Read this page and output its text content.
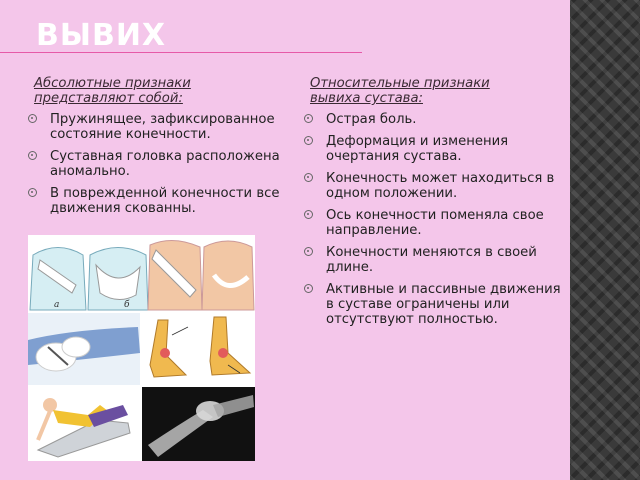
ВЫВИХ
Абсолютные признаки
представляют собой:
Пружинящее, зафиксированное состояние конечности.
Суставная головка расположена аномально.
В поврежденной конечности все движения скованны.
Относительные признаки
вывиха сустава:
Острая боль.
Деформация и изменения очертания сустава.
Конечность может находиться в одном положении.
Ось конечности поменяла свое направление.
Конечности меняются в своей длине.
Активные и пассивные движения в суставе ограничены или отсутствуют полностью.
а	б
